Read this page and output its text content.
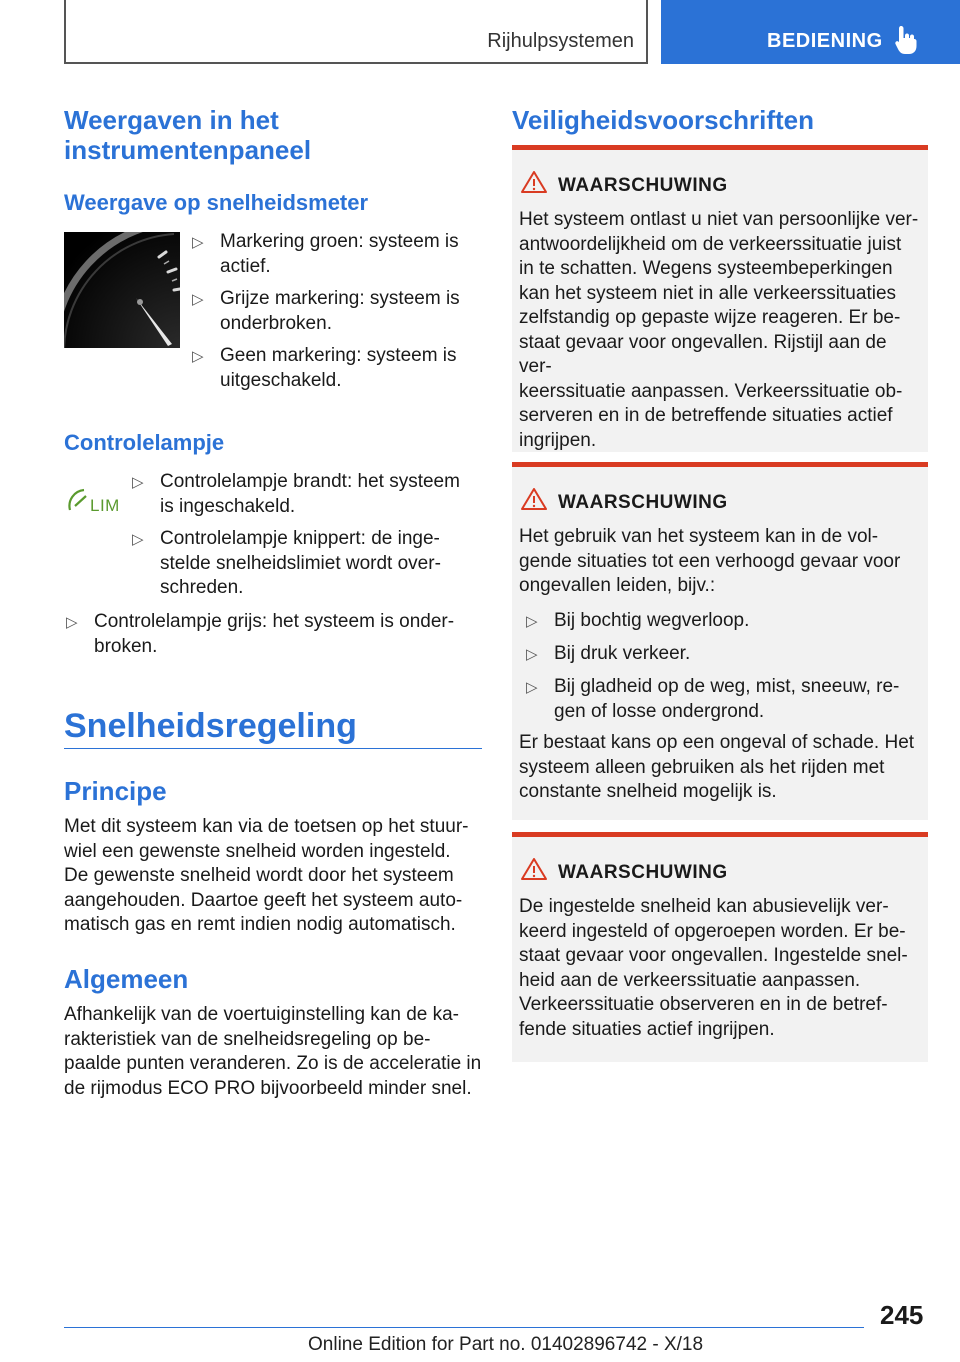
Rijhulpsystemen	BEDIENING
Weergaven in het
instrumentenpaneel
Weergave op snelheidsmeter
▷ Markering groen: systeem is
actief.
▷ Grijze markering: systeem is
onderbroken.
▷ Geen markering: systeem is
uitgeschakeld.
Controlelampje
LIM
▷ Controlelampje brandt: het systeem
is ingeschakeld.
▷ Controlelampje knippert: de inge-
stelde snelheidslimiet wordt over-
schreden.
▷ Controlelampje grijs: het systeem is onder-
broken.
Snelheidsregeling
Principe

Met dit systeem kan via de toetsen op het stuur-

wiel een gewenste snelheid worden ingesteld.

De gewenste snelheid wordt door het systeem

aangehouden. Daartoe geeft het systeem auto-

matisch gas en remt indien nodig automatisch.

Algemeen

Afhankelijk van de voertuiginstelling kan de ka-

rakteristiek van de snelheidsregeling op be-

paalde punten veranderen. Zo is de acceleratie in

de rijmodus ECO PRO bijvoorbeeld minder snel.

Veiligheidsvoorschriften
WAARSCHUWING

Het systeem ontlast u niet van persoonlijke ver-

antwoordelijkheid om de verkeerssituatie juist

in te schatten. Wegens systeembeperkingen

kan het systeem niet in alle verkeerssituaties

zelfstandig op gepaste wijze reageren. Er be-

staat gevaar voor ongevallen. Rijstijl aan de ver-

keerssituatie aanpassen. Verkeerssituatie ob-

serveren en in de betreffende situaties actief

ingrijpen.

WAARSCHUWING

Het gebruik van het systeem kan in de vol-

gende situaties tot een verhoogd gevaar voor

ongevallen leiden, bijv.:

▷ Bij bochtig wegverloop.
▷ Bij druk verkeer.
▷ Bij gladheid op de weg, mist, sneeuw, re-
gen of losse ondergrond.

Er bestaat kans op een ongeval of schade. Het

systeem alleen gebruiken als het rijden met

constante snelheid mogelijk is.

WAARSCHUWING

De ingestelde snelheid kan abusievelijk ver-

keerd ingesteld of opgeroepen worden. Er be-

staat gevaar voor ongevallen. Ingestelde snel-

heid aan de verkeerssituatie aanpassen.

Verkeerssituatie observeren en in de betref-

fende situaties actief ingrijpen.

245
Online Edition for Part no. 01402896742 - X/18
